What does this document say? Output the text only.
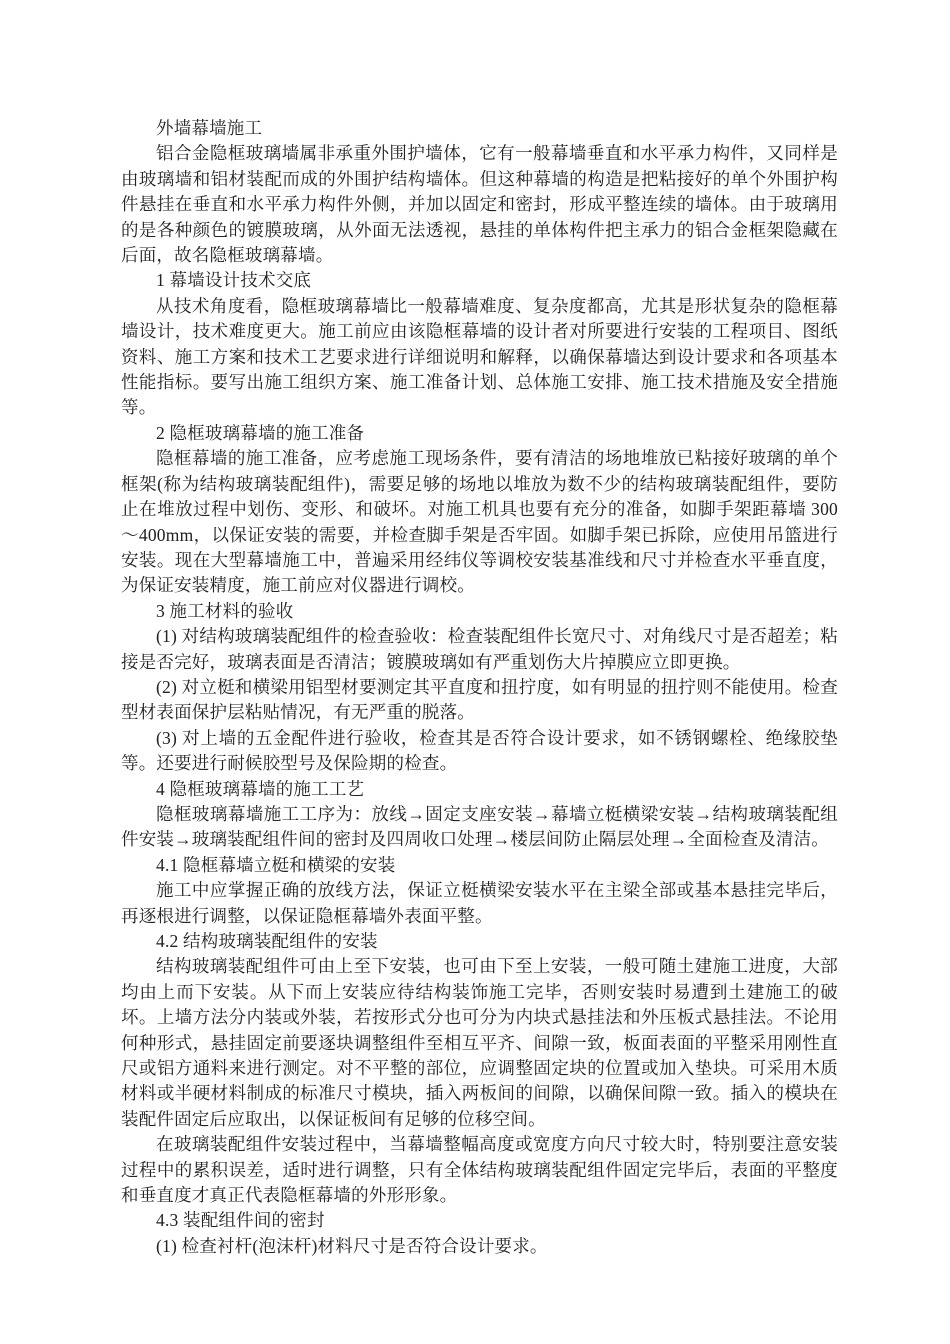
外墙幕墙施工

铝合金隐框玻璃墙属非承重外围护墙体，它有一般幕墙垂直和水平承力构件，又同样是由玻璃墙和铝材装配而成的外围护结构墙体。但这种幕墙的构造是把粘接好的单个外围护构件悬挂在垂直和水平承力构件外侧，并加以固定和密封，形成平整连续的墙体。由于玻璃用的是各种颜色的镀膜玻璃，从外面无法透视，悬挂的单体构件把主承力的铝合金框架隐藏在后面，故名隐框玻璃幕墙。

1 幕墙设计技术交底

从技术角度看，隐框玻璃幕墙比一般幕墙难度、复杂度都高，尤其是形状复杂的隐框幕墙设计，技术难度更大。施工前应由该隐框幕墙的设计者对所要进行安装的工程项目、图纸资料、施工方案和技术工艺要求进行详细说明和解释，以确保幕墙达到设计要求和各项基本性能指标。要写出施工组织方案、施工准备计划、总体施工安排、施工技术措施及安全措施等。

2 隐框玻璃幕墙的施工准备

隐框幕墙的施工准备，应考虑施工现场条件，要有清洁的场地堆放已粘接好玻璃的单个框架(称为结构玻璃装配组件)，需要足够的场地以堆放为数不少的结构玻璃装配组件，要防止在堆放过程中划伤、变形、和破坏。对施工机具也要有充分的准备，如脚手架距幕墙 300～400mm，以保证安装的需要，并检查脚手架是否牢固。如脚手架已拆除，应使用吊篮进行安装。现在大型幕墙施工中，普遍采用经纬仪等调校安装基准线和尺寸并检查水平垂直度，为保证安装精度，施工前应对仪器进行调校。

3 施工材料的验收

(1) 对结构玻璃装配组件的检查验收：检查装配组件长宽尺寸、对角线尺寸是否超差；粘接是否完好，玻璃表面是否清洁；镀膜玻璃如有严重划伤大片掉膜应立即更换。

(2) 对立梃和横梁用铝型材要测定其平直度和扭拧度，如有明显的扭拧则不能使用。检查型材表面保护层粘贴情况，有无严重的脱落。

(3) 对上墙的五金配件进行验收，检查其是否符合设计要求，如不锈钢螺栓、绝缘胶垫等。还要进行耐候胶型号及保险期的检查。

4 隐框玻璃幕墙的施工工艺

隐框玻璃幕墙施工工序为：放线→固定支座安装→幕墙立梃横梁安装→结构玻璃装配组件安装→玻璃装配组件间的密封及四周收口处理→楼层间防止隔层处理→全面检查及清洁。

4.1 隐框幕墙立梃和横梁的安装

施工中应掌握正确的放线方法，保证立梃横梁安装水平在主梁全部或基本悬挂完毕后，再逐根进行调整，以保证隐框幕墙外表面平整。

4.2 结构玻璃装配组件的安装

结构玻璃装配组件可由上至下安装，也可由下至上安装，一般可随土建施工进度，大部均由上而下安装。从下而上安装应待结构装饰施工完毕，否则安装时易遭到土建施工的破坏。上墙方法分内装或外装，若按形式分也可分为内块式悬挂法和外压板式悬挂法。不论用何种形式，悬挂固定前要逐块调整组件至相互平齐、间隙一致，板面表面的平整采用刚性直尺或铝方通料来进行测定。对不平整的部位，应调整固定块的位置或加入垫块。可采用木质材料或半硬材料制成的标准尺寸模块，插入两板间的间隙，以确保间隙一致。插入的模块在装配件固定后应取出，以保证板间有足够的位移空间。

在玻璃装配组件安装过程中，当幕墙整幅高度或宽度方向尺寸较大时，特别要注意安装过程中的累积误差，适时进行调整，只有全体结构玻璃装配组件固定完毕后，表面的平整度和垂直度才真正代表隐框幕墙的外形形象。

4.3 装配组件间的密封

(1) 检查衬杆(泡沫杆)材料尺寸是否符合设计要求。
